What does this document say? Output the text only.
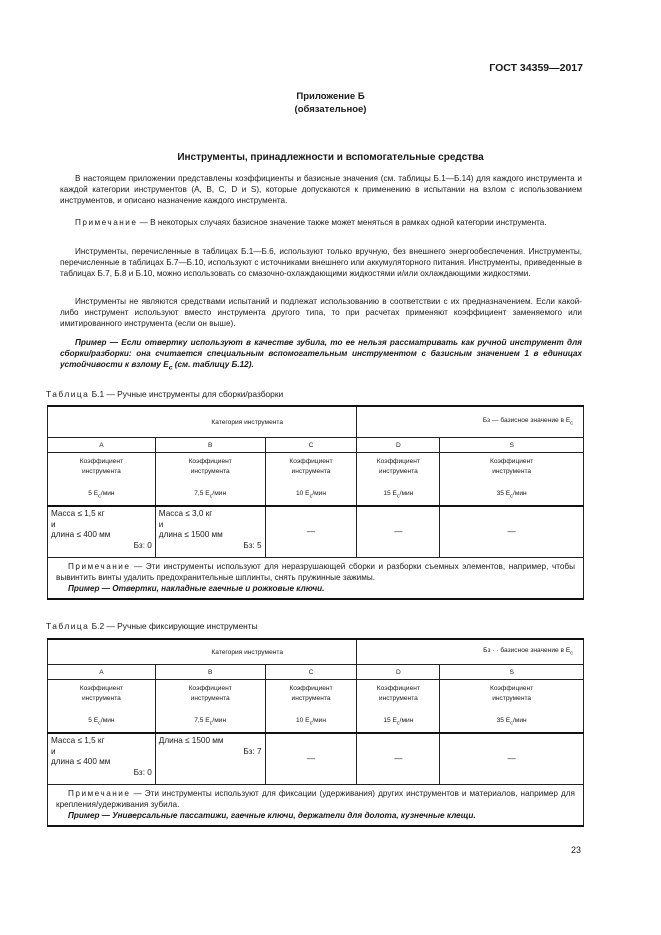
ГОСТ 34359—2017
Приложение Б
(обязательное)
Инструменты, принадлежности и вспомогательные средства
В настоящем приложении представлены коэффициенты и базисные значения (см. таблицы Б.1—Б.14) для каждого инструмента и каждой категории инструментов (A, B, C, D и S), которые допускаются к применению в испытании на взлом с использованием инструментов, и описано назначение каждого инструмента.
Примечание — В некоторых случаях базисное значение также может меняться в рамках одной категории инструмента.
Инструменты, перечисленные в таблицах Б.1—Б.6, используют только вручную, без внешнего энергообеспечения. Инструменты, перечисленные в таблицах Б.7—Б.10, используют с источниками внешнего или аккумуляторного питания. Инструменты, приведенные в таблицах Б.7, Б.8 и Б.10, можно использовать со смазочно-охлаждающими жидкостями и/или охлаждающими жидкостями.
Инструменты не являются средствами испытаний и подлежат использованию в соответствии с их предназначением. Если какой-либо инструмент используют вместо инструмента другого типа, то при расчетах применяют коэффициент заменяемого или имитированного инструмента (если он выше).
Пример — Если отвертку используют в качестве зубила, то ее нельзя рассматривать как ручной инструмент для сборки/разборки: она считается специальным вспомогательным инструментом с базисным значением 1 в единицах устойчивости к взлому $E_c$ (см. таблицу Б.12).
Таблица Б.1 — Ручные инструменты для сборки/разборки
Категория инструмента			Бз — базисное значение в $E_c$
A	B	C	D	S
Коэффициент
инструмента
5 $E_c$/мин	Коэффициент
инструмента
7,5 $E_c$/мин	Коэффициент
инструмента
10 $E_c$/мин	Коэффициент
инструмента
15 $E_c$/мин	Коэффициент
инструмента
35 $E_c$/мин
Масса ≤ 1,5 кг
и
длина ≤ 400 мм
Бз: 0	Масса ≤ 3,0 кг
и
длина ≤ 1500 мм
Бз: 5	—	—	—
Примечание — Эти инструменты используют для неразрушающей сборки и разборки съемных элементов, например, чтобы вывинтить винты удалить предохранительные шплинты, снять пружинные зажимы.
Пример — Отвертки, накладные гаечные и рожковые ключи.				
Таблица Б.2 — Ручные фиксирующие инструменты
Категория инструмента			Бз · · базисное значение в $E_c$
A	B	C	D	S
Коэффициент
инструмента
5 $E_c$/мин	Коэффициент
инструмента
7,5 $E_c$/мин	Коэффициент
инструмента
10 $E_c$/мин	Коэффициент
инструмента
15 $E_c$/мин	Коэффициент
инструмента
35 $E_c$/мин
Масса ≤ 1,5 кг
и
длина ≤ 400 мм
Бз: 0	Длина ≤ 1500 мм
Бз: 7	—	—	—
Примечание — Эти инструменты используют для фиксации (удерживания) других инструментов и материалов, например для крепления/удерживания зубила.
Пример — Универсальные пассатижи, гаечные ключи, держатели для долота, кузнечные клещи.				
23
